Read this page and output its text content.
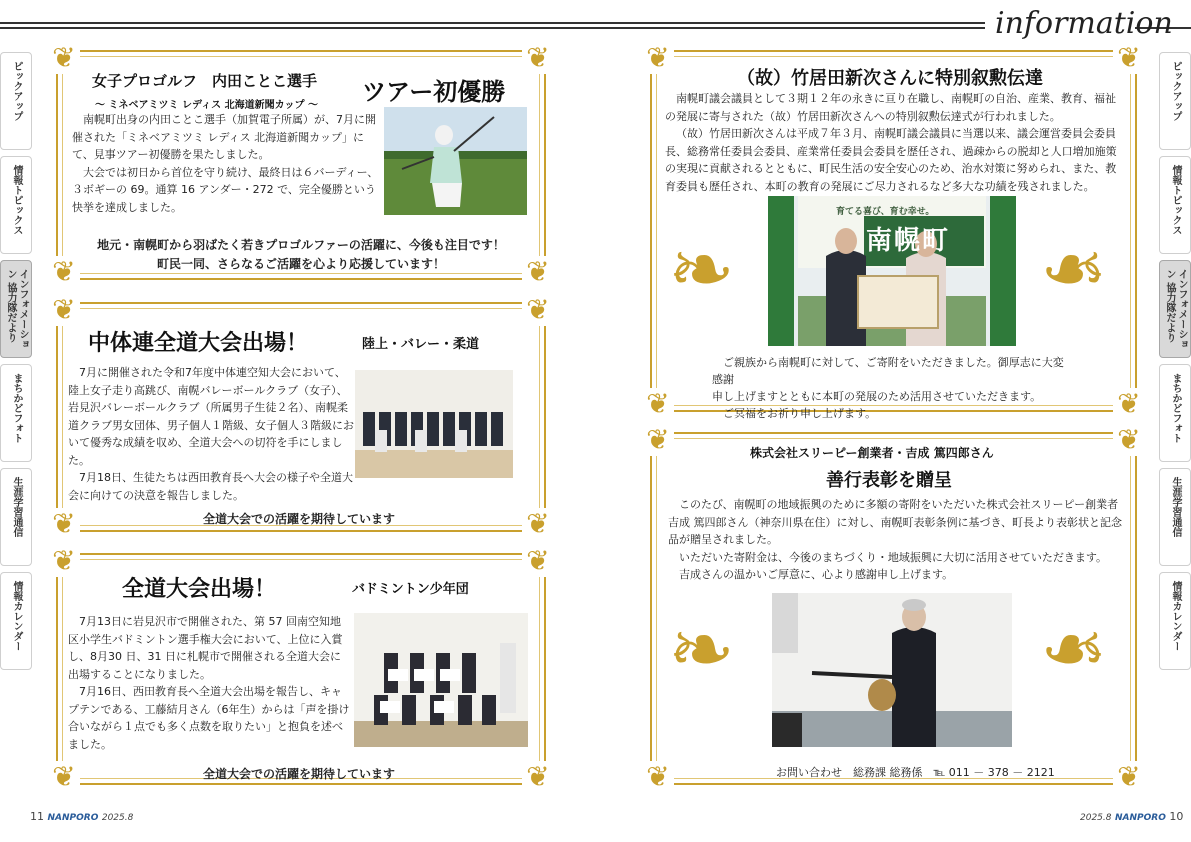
information
ピックアップ
情報トピックス
インフォメーション 協力隊だより
まちかどフォト
生涯学習通信
情報カレンダー
ピックアップ
情報トピックス
インフォメーション 協力隊だより
まちかどフォト
生涯学習通信
情報カレンダー
❦	❦
❦	❦
女子プロゴルフ　内田ことこ選手
～ ミネベアミツミ レディス 北海道新聞カップ ～ ツアー初優勝

南幌町出身の内田ことこ選手（加賀電子所属）が、7月に開催された「ミネベアミツミ レディス 北海道新聞カップ」にて、見事ツアー初優勝を果たしました。

大会では初日から首位を守り続け、最終日は６バーディー、３ボギーの 69。通算 16 アンダー・272 で、完全優勝という快挙を達成しました。

地元・南幌町から羽ばたく若きプロゴルファーの活躍に、今後も注目です！

町民一同、さらなるご活躍を心より応援しています！

❦	❦
❦	❦
中体連全道大会出場！	陸上・バレー・柔道

7月に開催された令和7年度中体連空知大会において、陸上女子走り高跳び、南幌バレーボールクラブ（女子）、岩見沢バレーボールクラブ（所属男子生徒２名）、南幌柔道クラブ男女団体、男子個人１階級、女子個人３階級において優秀な成績を収め、全道大会への切符を手にしました。

7月18日、生徒たちは西田教育長へ大会の様子や全道大会に向けての決意を報告しました。

全道大会での活躍を期待しています
❦	❦
❦	❦
全道大会出場！	バドミントン少年団

7月13日に岩見沢市で開催された、第 57 回南空知地区小学生バドミントン選手権大会において、上位に入賞し、8月30 日、31 日に札幌市で開催される全道大会に出場することになりました。

7月16日、西田教育長へ全道大会出場を報告し、キャプテンである、工藤結月さん（6年生）からは「声を掛け合いながら１点でも多く点数を取りたい」と抱負を述べました。

全道大会での活躍を期待しています
❦	❦
❦	❦
（故）竹居田新次さんに特別叙勲伝達

南幌町議会議員として３期１２年の永きに亘り在職し、南幌町の自治、産業、教育、福祉の発展に寄与された（故）竹居田新次さんへの特別叙勲伝達式が行われました。

（故）竹居田新次さんは平成７年３月、南幌町議会議員に当選以来、議会運営委員会委員長、総務常任委員会委員、産業常任委員会委員を歴任され、過疎からの脱却と人口増加施策の実現に貢献されるとともに、町民生活の安全安心のため、治水対策に努められ、また、教育委員も歴任され、本町の教育の発展にご尽力されるなど多大な功績を残されました。

❧	❧
育てる喜び、育む幸せ。
南幌町

ご親族から南幌町に対して、ご寄附をいただきました。御厚志に大変感謝

申し上げますとともに本町の発展のため活用させていただきます。

ご冥福をお祈り申し上げます。

❦	❦
❦	❦
株式会社スリーピー創業者・吉成 篤四郎さん
善行表彰を贈呈

このたび、南幌町の地域振興のために多額の寄附をいただいた株式会社スリーピー創業者吉成 篤四郎さん（神奈川県在住）に対し、南幌町表彰条例に基づき、町長より表彰状と記念品が贈呈されました。

いただいた寄附金は、今後のまちづくり・地域振興に大切に活用させていただきます。

吉成さんの温かいご厚意に、心より感謝申し上げます。

❧	❧
お問い合わせ　総務課 総務係　℡ 011 － 378 － 2121
11 NANPORO 2025.8	2025.8 NANPORO 10
